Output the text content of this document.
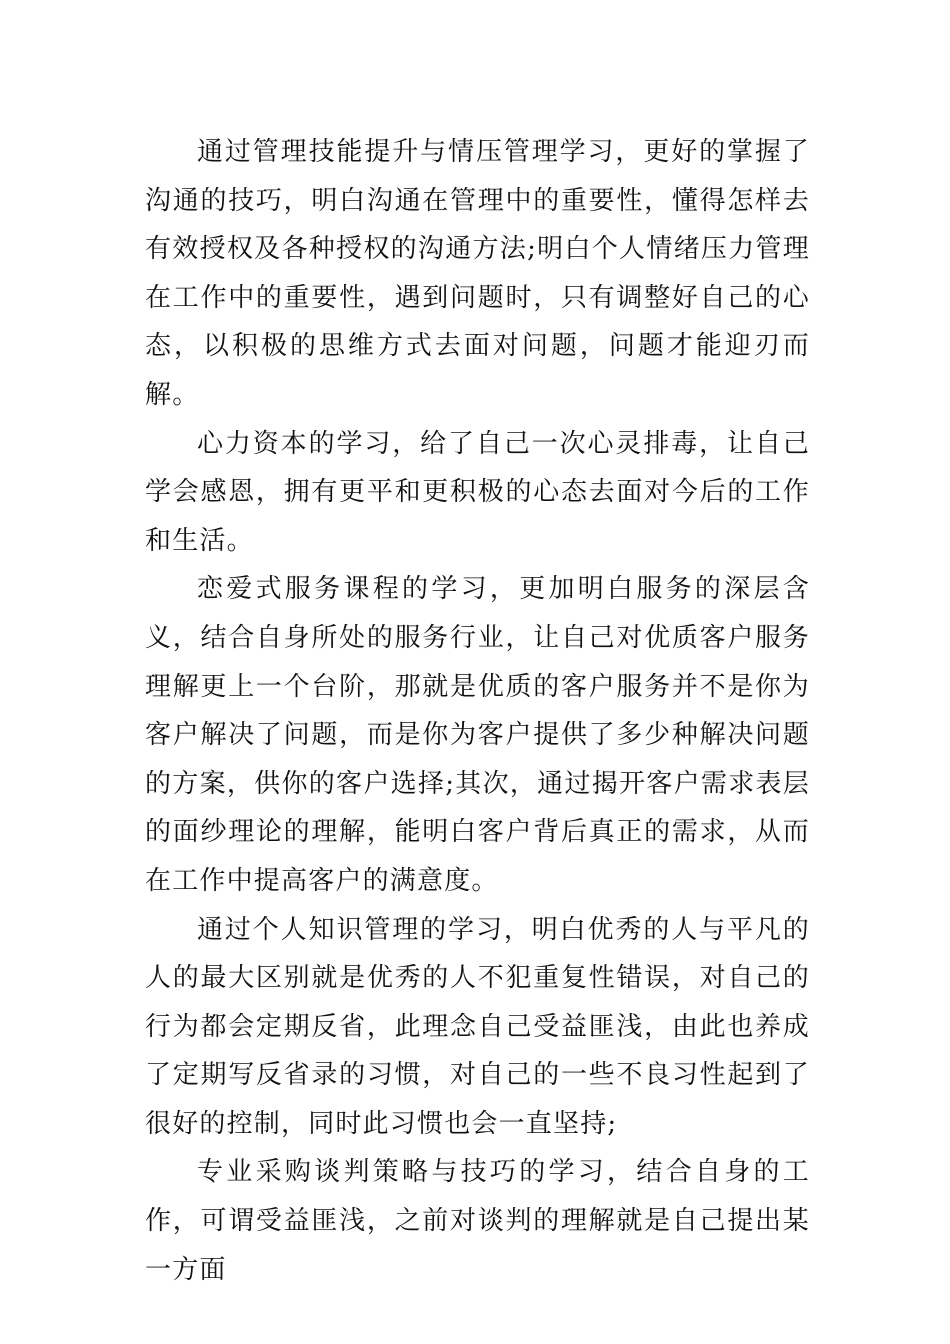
通过管理技能提升与情压管理学习，更好的掌握了沟通的技巧，明白沟通在管理中的重要性，懂得怎样去有效授权及各种授权的沟通方法;明白个人情绪压力管理在工作中的重要性，遇到问题时，只有调整好自己的心态，以积极的思维方式去面对问题，问题才能迎刃而解。

心力资本的学习，给了自己一次心灵排毒，让自己学会感恩，拥有更平和更积极的心态去面对今后的工作和生活。

恋爱式服务课程的学习，更加明白服务的深层含义，结合自身所处的服务行业，让自己对优质客户服务理解更上一个台阶，那就是优质的客户服务并不是你为客户解决了问题，而是你为客户提供了多少种解决问题的方案，供你的客户选择;其次，通过揭开客户需求表层的面纱理论的理解，能明白客户背后真正的需求，从而在工作中提高客户的满意度。

通过个人知识管理的学习，明白优秀的人与平凡的人的最大区别就是优秀的人不犯重复性错误，对自己的行为都会定期反省，此理念自己受益匪浅，由此也养成了定期写反省录的习惯，对自己的一些不良习性起到了很好的控制，同时此习惯也会一直坚持;

专业采购谈判策略与技巧的学习，结合自身的工作，可谓受益匪浅，之前对谈判的理解就是自己提出某一方面
